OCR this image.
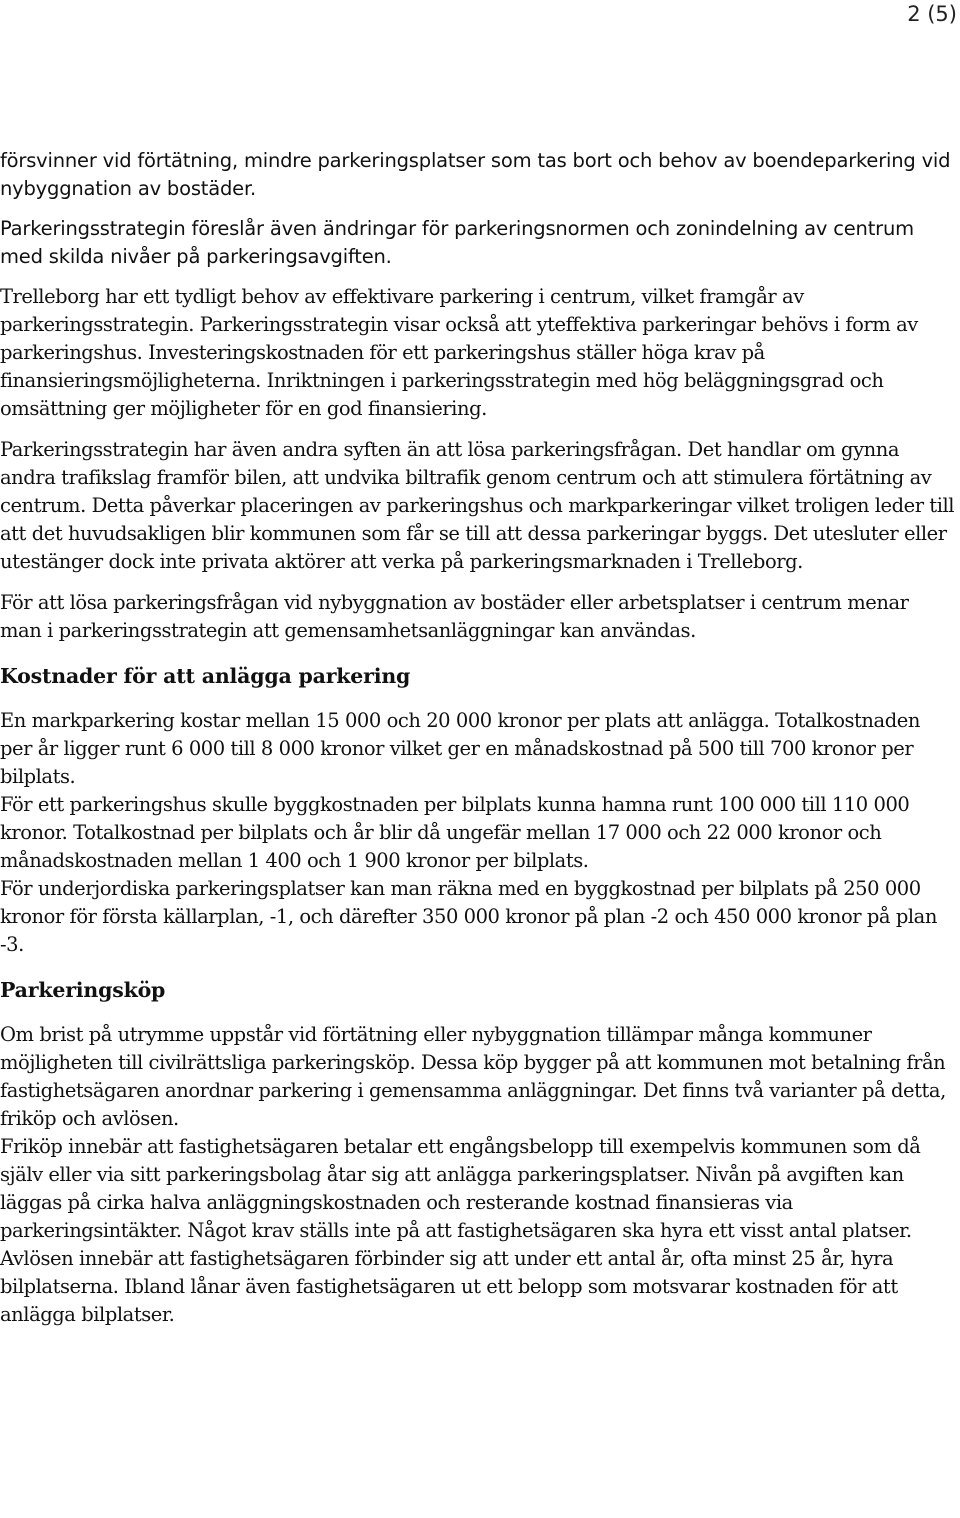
2 (5)

försvinner vid förtätning, mindre parkeringsplatser som tas bort och behov av boendeparkering vid nybyggnation av bostäder.

Parkeringsstrategin föreslår även ändringar för parkeringsnormen och zonindelning av centrum med skilda nivåer på parkeringsavgiften.

Trelleborg har ett tydligt behov av effektivare parkering i centrum, vilket framgår av parkeringsstrategin. Parkeringsstrategin visar också att yteffektiva parkeringar behövs i form av parkeringshus. Investeringskostnaden för ett parkeringshus ställer höga krav på finansieringsmöjligheterna. Inriktningen i parkeringsstrategin med hög beläggningsgrad och omsättning ger möjligheter för en god finansiering.

Parkeringsstrategin har även andra syften än att lösa parkeringsfrågan. Det handlar om gynna andra trafikslag framför bilen, att undvika biltrafik genom centrum och att stimulera förtätning av centrum. Detta påverkar placeringen av parkeringshus och markparkeringar vilket troligen leder till att det huvudsakligen blir kommunen som får se till att dessa parkeringar byggs. Det utesluter eller utestänger dock inte privata aktörer att verka på parkeringsmarknaden i Trelleborg.

För att lösa parkeringsfrågan vid nybyggnation av bostäder eller arbetsplatser i centrum menar man i parkeringsstrategin att gemensamhetsanläggningar kan användas.

Kostnader för att anlägga parkering

En markparkering kostar mellan 15 000 och 20 000 kronor per plats att anlägga. Totalkostnaden per år ligger runt 6 000 till 8 000 kronor vilket ger en månadskostnad på 500 till 700 kronor per bilplats.

För ett parkeringshus skulle byggkostnaden per bilplats kunna hamna runt 100 000 till 110 000 kronor. Totalkostnad per bilplats och år blir då ungefär mellan 17 000 och 22 000 kronor och månadskostnaden mellan 1 400 och 1 900 kronor per bilplats.

För underjordiska parkeringsplatser kan man räkna med en byggkostnad per bilplats på 250 000 kronor för första källarplan, -1, och därefter 350 000 kronor på plan -2 och 450 000 kronor på plan -3.

Parkeringsköp

Om brist på utrymme uppstår vid förtätning eller nybyggnation tillämpar många kommuner möjligheten till civilrättsliga parkeringsköp. Dessa köp bygger på att kommunen mot betalning från fastighetsägaren anordnar parkering i gemensamma anläggningar. Det finns två varianter på detta, friköp och avlösen.

Friköp innebär att fastighetsägaren betalar ett engångsbelopp till exempelvis kommunen som då själv eller via sitt parkeringsbolag åtar sig att anlägga parkeringsplatser. Nivån på avgiften kan läggas på cirka halva anläggningskostnaden och resterande kostnad finansieras via parkeringsintäkter. Något krav ställs inte på att fastighetsägaren ska hyra ett visst antal platser.

Avlösen innebär att fastighetsägaren förbinder sig att under ett antal år, ofta minst 25 år, hyra bilplatserna. Ibland lånar även fastighetsägaren ut ett belopp som motsvarar kostnaden för att anlägga bilplatser.
